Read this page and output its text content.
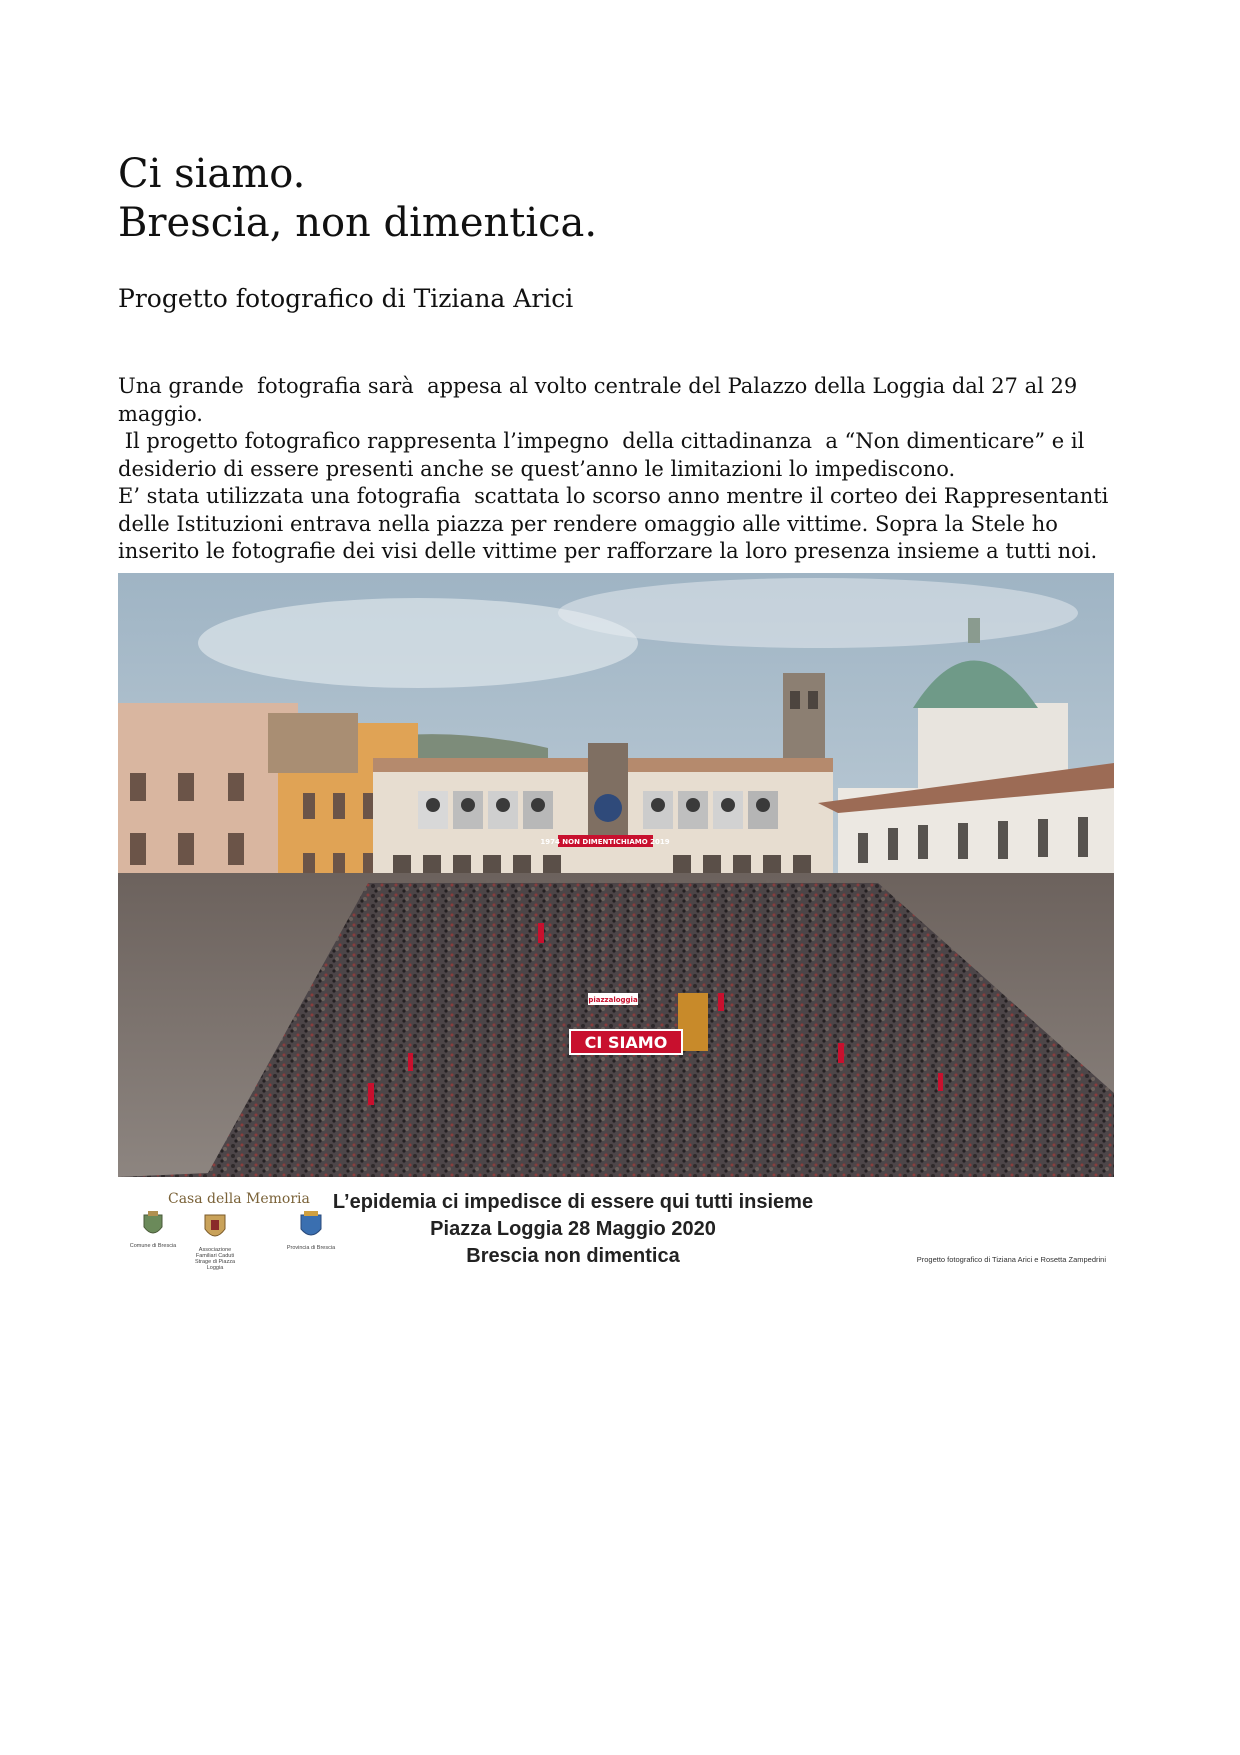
Ci siamo.
Brescia, non dimentica.
Progetto fotografico di Tiziana Arici

Una grande  fotografia sarà  appesa al volto centrale del Palazzo della Loggia dal 27 al 29 maggio.

Il progetto fotografico rappresenta l’impegno  della cittadinanza  a “Non dimenticare” e il desiderio di essere presenti anche se quest’anno le limitazioni lo impediscono.

E’ stata utilizzata una fotografia  scattata lo scorso anno mentre il corteo dei Rappresentanti delle Istituzioni entrava nella piazza per rendere omaggio alle vittime. Sopra la Stele ho inserito le fotografie dei visi delle vittime per rafforzare la loro presenza insieme a tutti noi.

1974 NON DIMENTICHIAMO 2019
piazzaloggia
CI SIAMO
Casa della Memoria
Comune di Brescia
Associazione Familiari Caduti Strage di Piazza Loggia
Provincia di Brescia
L’epidemia ci impedisce di essere qui tutti insieme
Piazza Loggia 28 Maggio 2020
Brescia non dimentica	Progetto fotografico di Tiziana Arici e Rosetta Zampedrini
